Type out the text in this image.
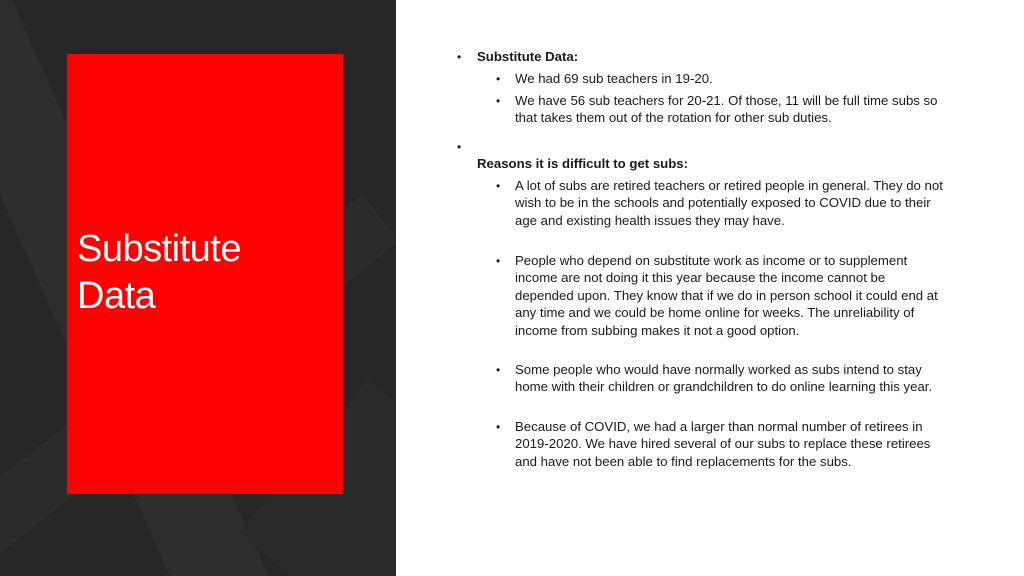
Substitute
Data
• Substitute Data:
• We had 69 sub teachers in 19-20.
• We have 56 sub teachers for 20-21. Of those, 11 will be full time subs so that takes them out of the rotation for other sub duties.
•
Reasons it is difficult to get subs:
• A lot of subs are retired teachers or retired people in general. They do not wish to be in the schools and potentially exposed to COVID due to their age and existing health issues they may have.
• People who depend on substitute work as income or to supplement income are not doing it this year because the income cannot be depended upon. They know that if we do in person school it could end at any time and we could be home online for weeks. The unreliability of income from subbing makes it not a good option.
• Some people who would have normally worked as subs intend to stay home with their children or grandchildren to do online learning this year.
• Because of COVID, we had a larger than normal number of retirees in 2019-2020. We have hired several of our subs to replace these retirees and have not been able to find replacements for the subs.
